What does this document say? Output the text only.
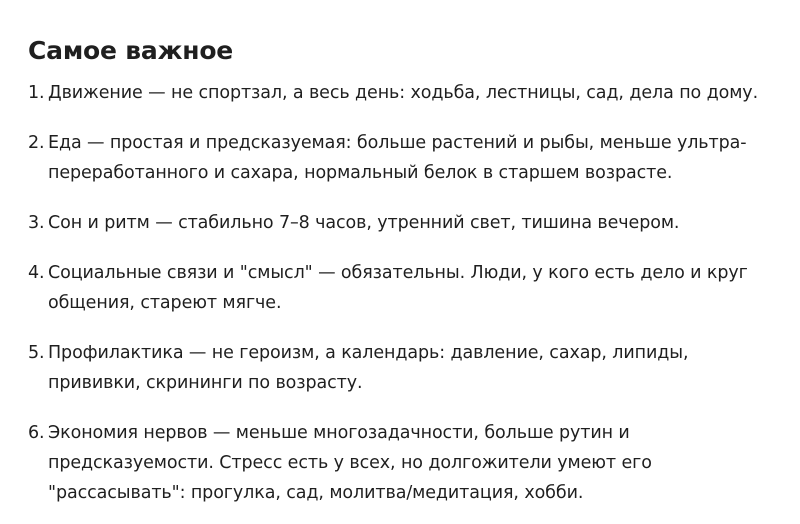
Самое важное
1. Движение — не спортзал, а весь день: ходьба, лестницы, сад, дела по дому.
2. Еда — простая и предсказуемая: больше растений и рыбы, меньше ультра-переработанного и сахара, нормальный белок в старшем возрасте.
3. Сон и ритм — стабильно 7–8 часов, утренний свет, тишина вечером.
4. Социальные связи и "смысл" — обязательны. Люди, у кого есть дело и круг общения, стареют мягче.
5. Профилактика — не героизм, а календарь: давление, сахар, липиды, прививки, скрининги по возрасту.
6. Экономия нервов — меньше многозадачности, больше рутин и предсказуемости. Стресс есть у всех, но долгожители умеют его "рассасывать": прогулка, сад, молитва/медитация, хобби.
